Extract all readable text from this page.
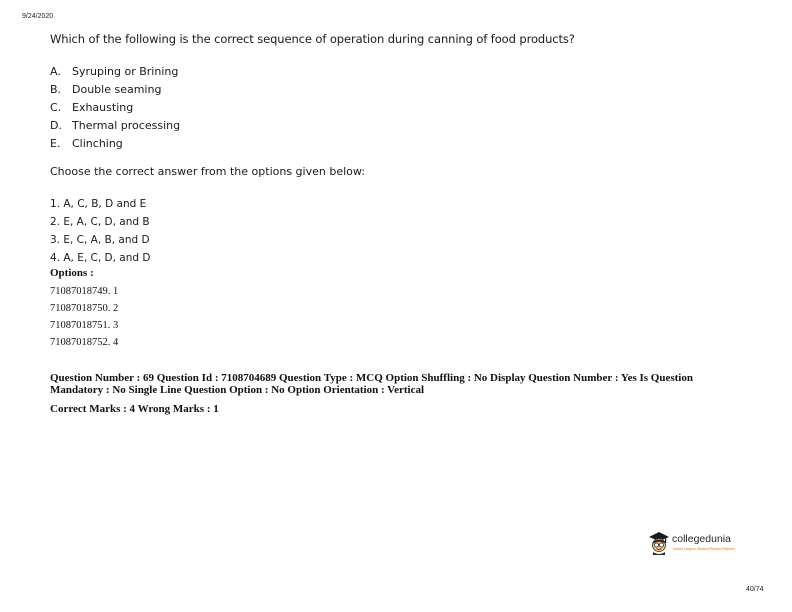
9/24/2020
Which of the following is the correct sequence of operation during canning of food products?
A. Syruping or Brining
B. Double seaming
C. Exhausting
D. Thermal processing
E. Clinching
Choose the correct answer from the options given below:
1. A, C, B, D and E
2. E, A, C, D, and B
3. E, C, A, B, and D
4. A, E, C, D, and D
Options :
71087018749. 1
71087018750. 2
71087018751. 3
71087018752. 4
Question Number : 69 Question Id : 7108704689 Question Type : MCQ Option Shuffling : No Display Question Number : Yes Is Question Mandatory : No Single Line Question Option : No Option Orientation : Vertical
Correct Marks : 4 Wrong Marks : 1
collegedunia
India's Largest Student Review Platform
40/74
